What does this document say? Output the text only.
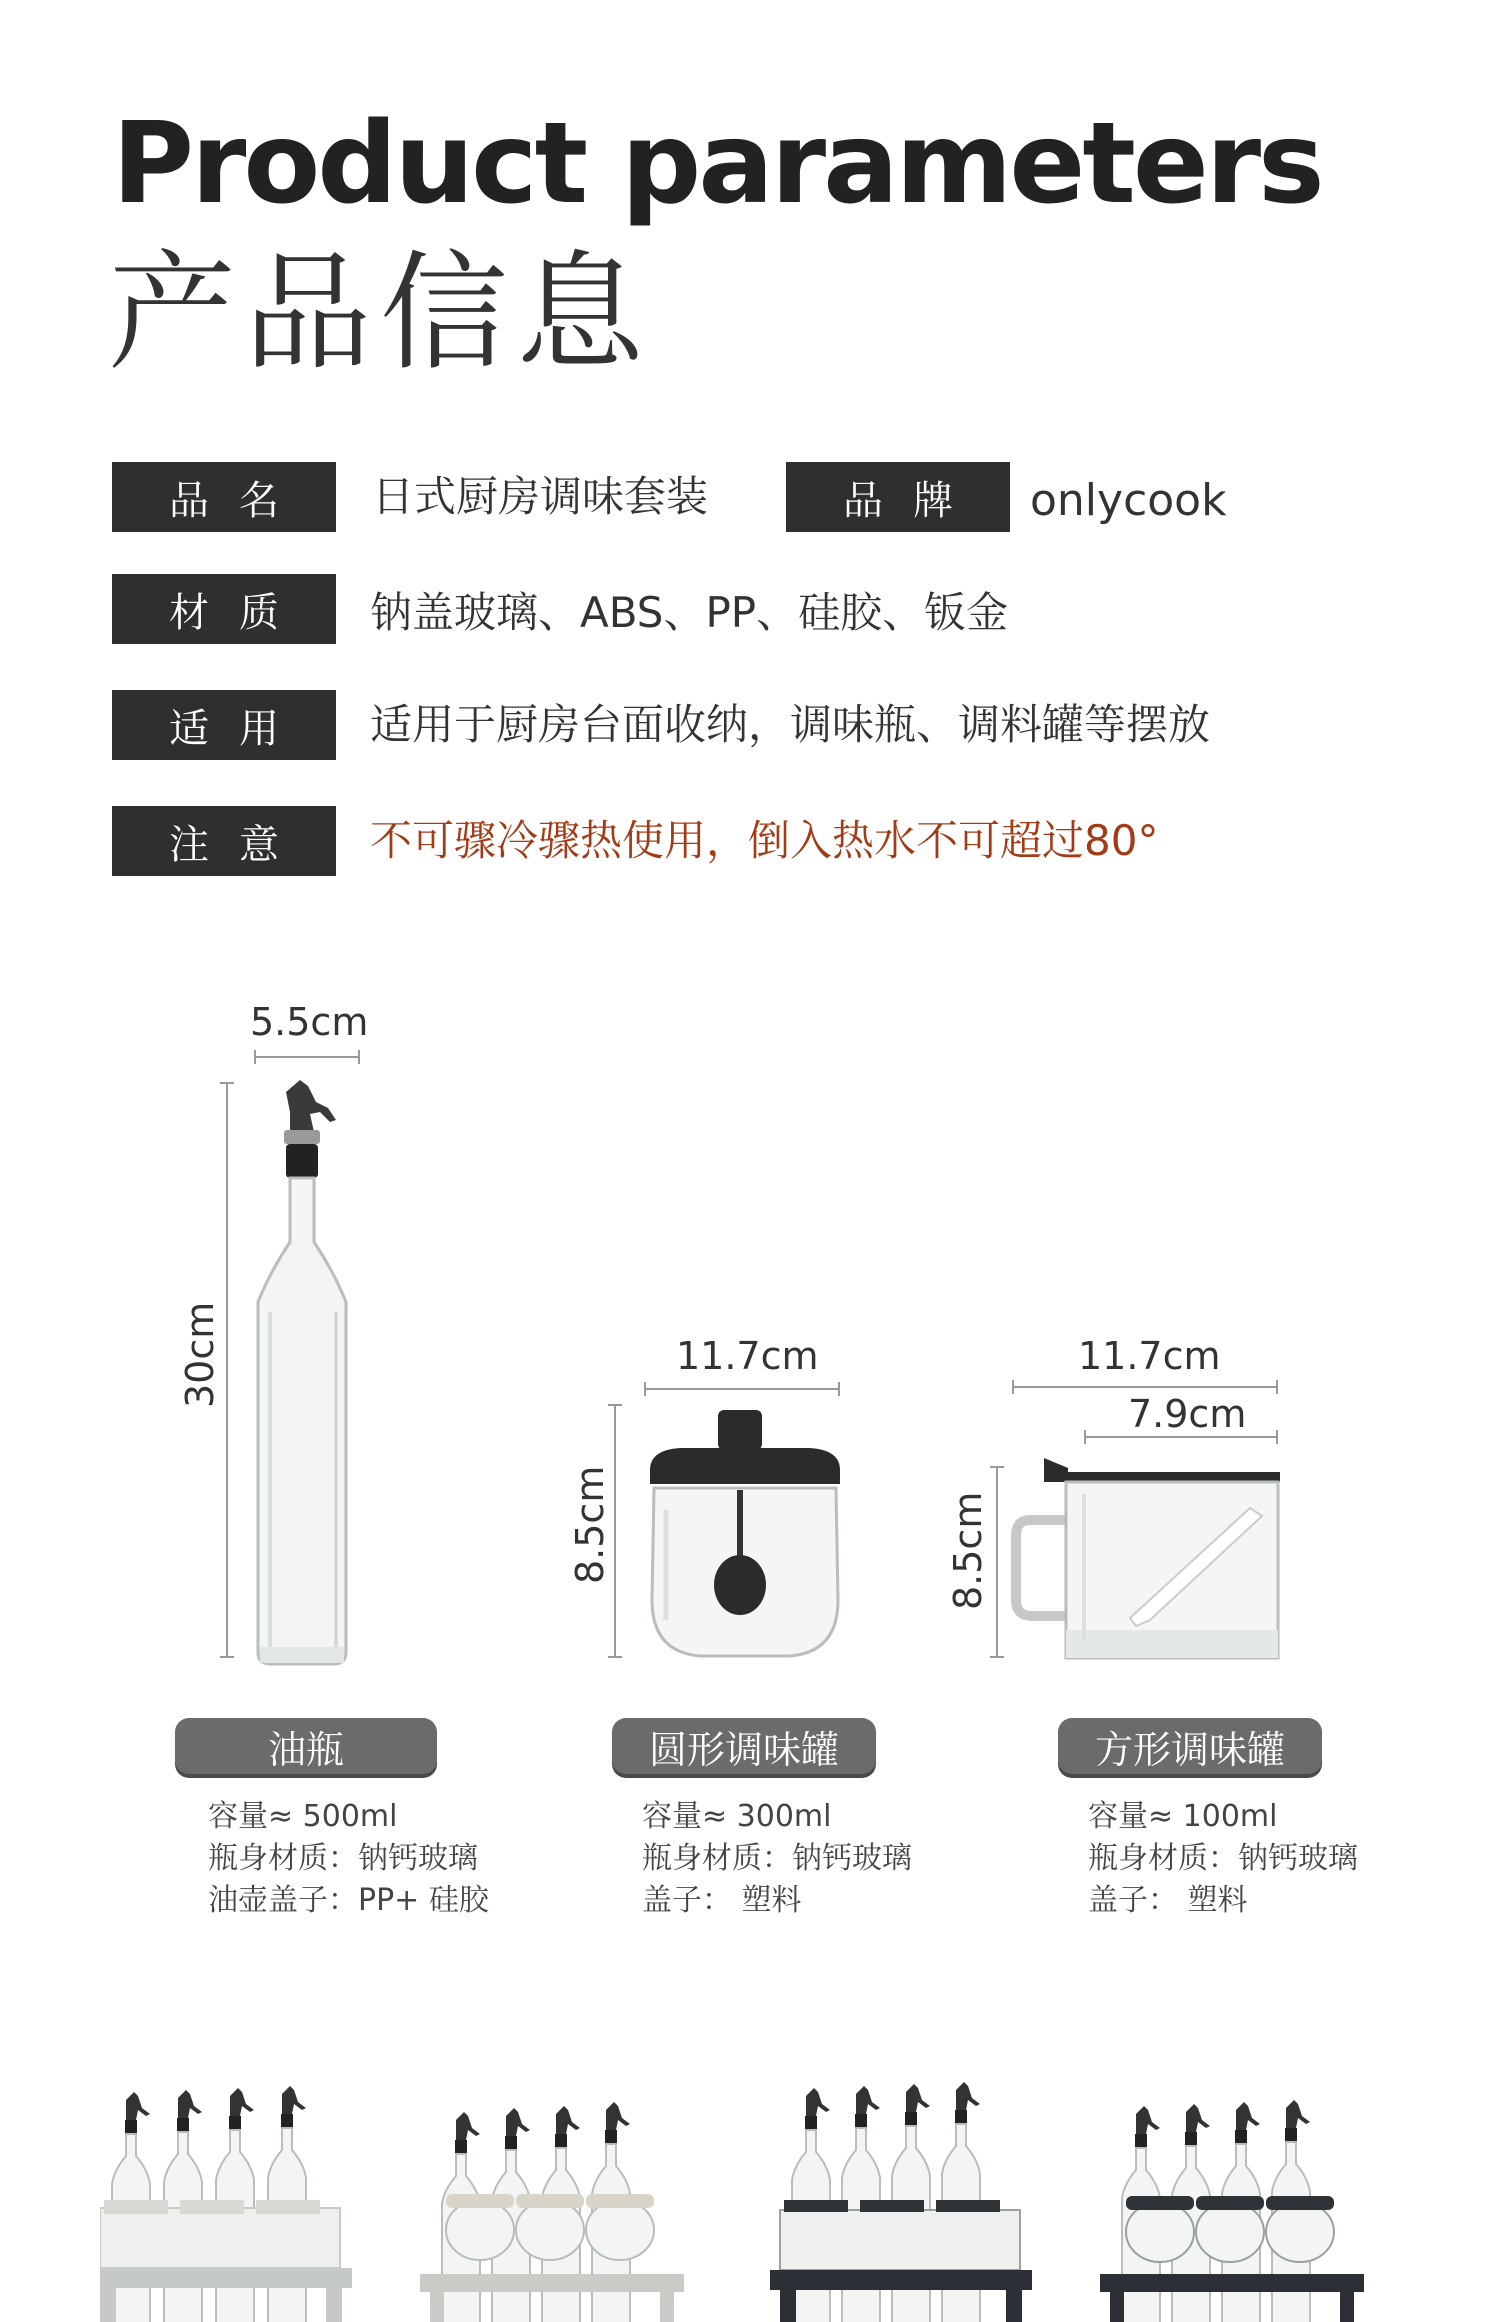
Product parameters
产品信息
品名	日式厨房调味套装	品牌	onlycook
材质	钠盖玻璃、ABS、PP、硅胶、钣金
适用	适用于厨房台面收纳，调味瓶、调料罐等摆放
注意	不可骤冷骤热使用，倒入热水不可超过80°
5.5cm
30cm
油瓶
容量≈ 500ml
瓶身材质：钠钙玻璃
油壶盖子：PP+ 硅胶
11.7cm
8.5cm
圆形调味罐
容量≈ 300ml
瓶身材质：钠钙玻璃
盖子： 塑料
11.7cm
7.9cm
8.5cm
方形调味罐
容量≈ 100ml
瓶身材质：钠钙玻璃
盖子： 塑料
